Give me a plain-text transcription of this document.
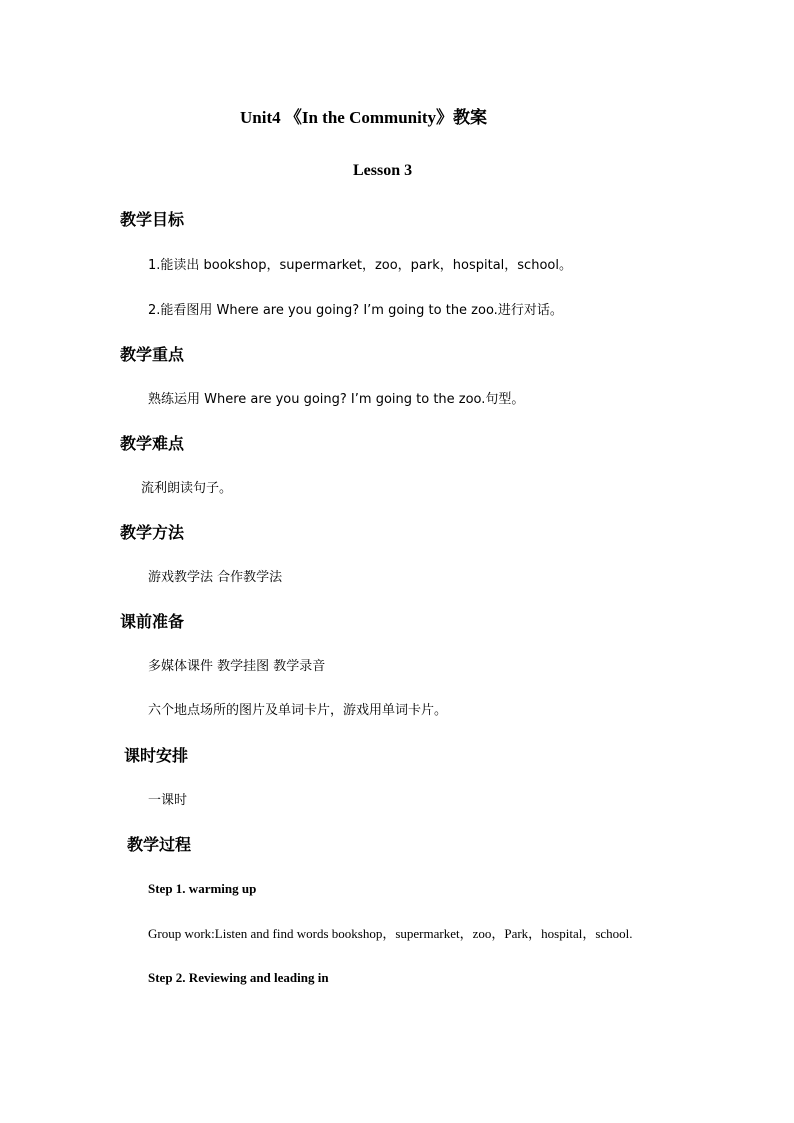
Unit4 《In the Community》教案
Lesson 3
教学目标
1.能读出 bookshop，supermarket，zoo，park，hospital，school。
2.能看图用 Where are you going? I’m going to the zoo.进行对话。
教学重点
熟练运用 Where are you going? I’m going to the zoo.句型。
教学难点
流利朗读句子。
教学方法
游戏教学法 合作教学法
课前准备
多媒体课件 教学挂图 教学录音
六个地点场所的图片及单词卡片，游戏用单词卡片。
课时安排
一课时
教学过程
Step 1. warming up
Group work:Listen and find words bookshop，supermarket，zoo，Park，hospital，school.
Step 2. Reviewing and leading in
